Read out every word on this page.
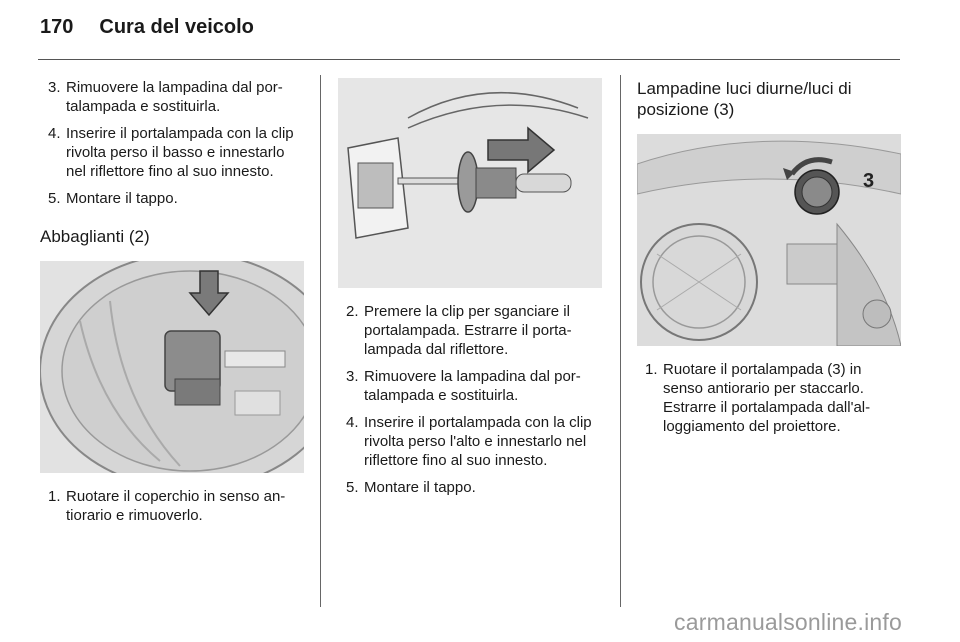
170 Cura del veicolo
3. Rimuovere la lampadina dal por-talampada e sostituirla.
4. Inserire il portalampada con la clip rivolta perso il basso e innestarlo nel riflettore fino al suo innesto.
5. Montare il tappo.
Abbaglianti (2)
1. Ruotare il coperchio in senso an-tiorario e rimuoverlo.
2. Premere la clip per sganciare il portalampada. Estrarre il porta-lampada dal riflettore.
3. Rimuovere la lampadina dal por-talampada e sostituirla.
4. Inserire il portalampada con la clip rivolta perso l'alto e innestarlo nel riflettore fino al suo innesto.
5. Montare il tappo.
Lampadine luci diurne/luci di posizione (3)
3
1. Ruotare il portalampada (3) in senso antiorario per staccarlo. Estrarre il portalampada dall'al-loggiamento del proiettore.
carmanualsonline.info
